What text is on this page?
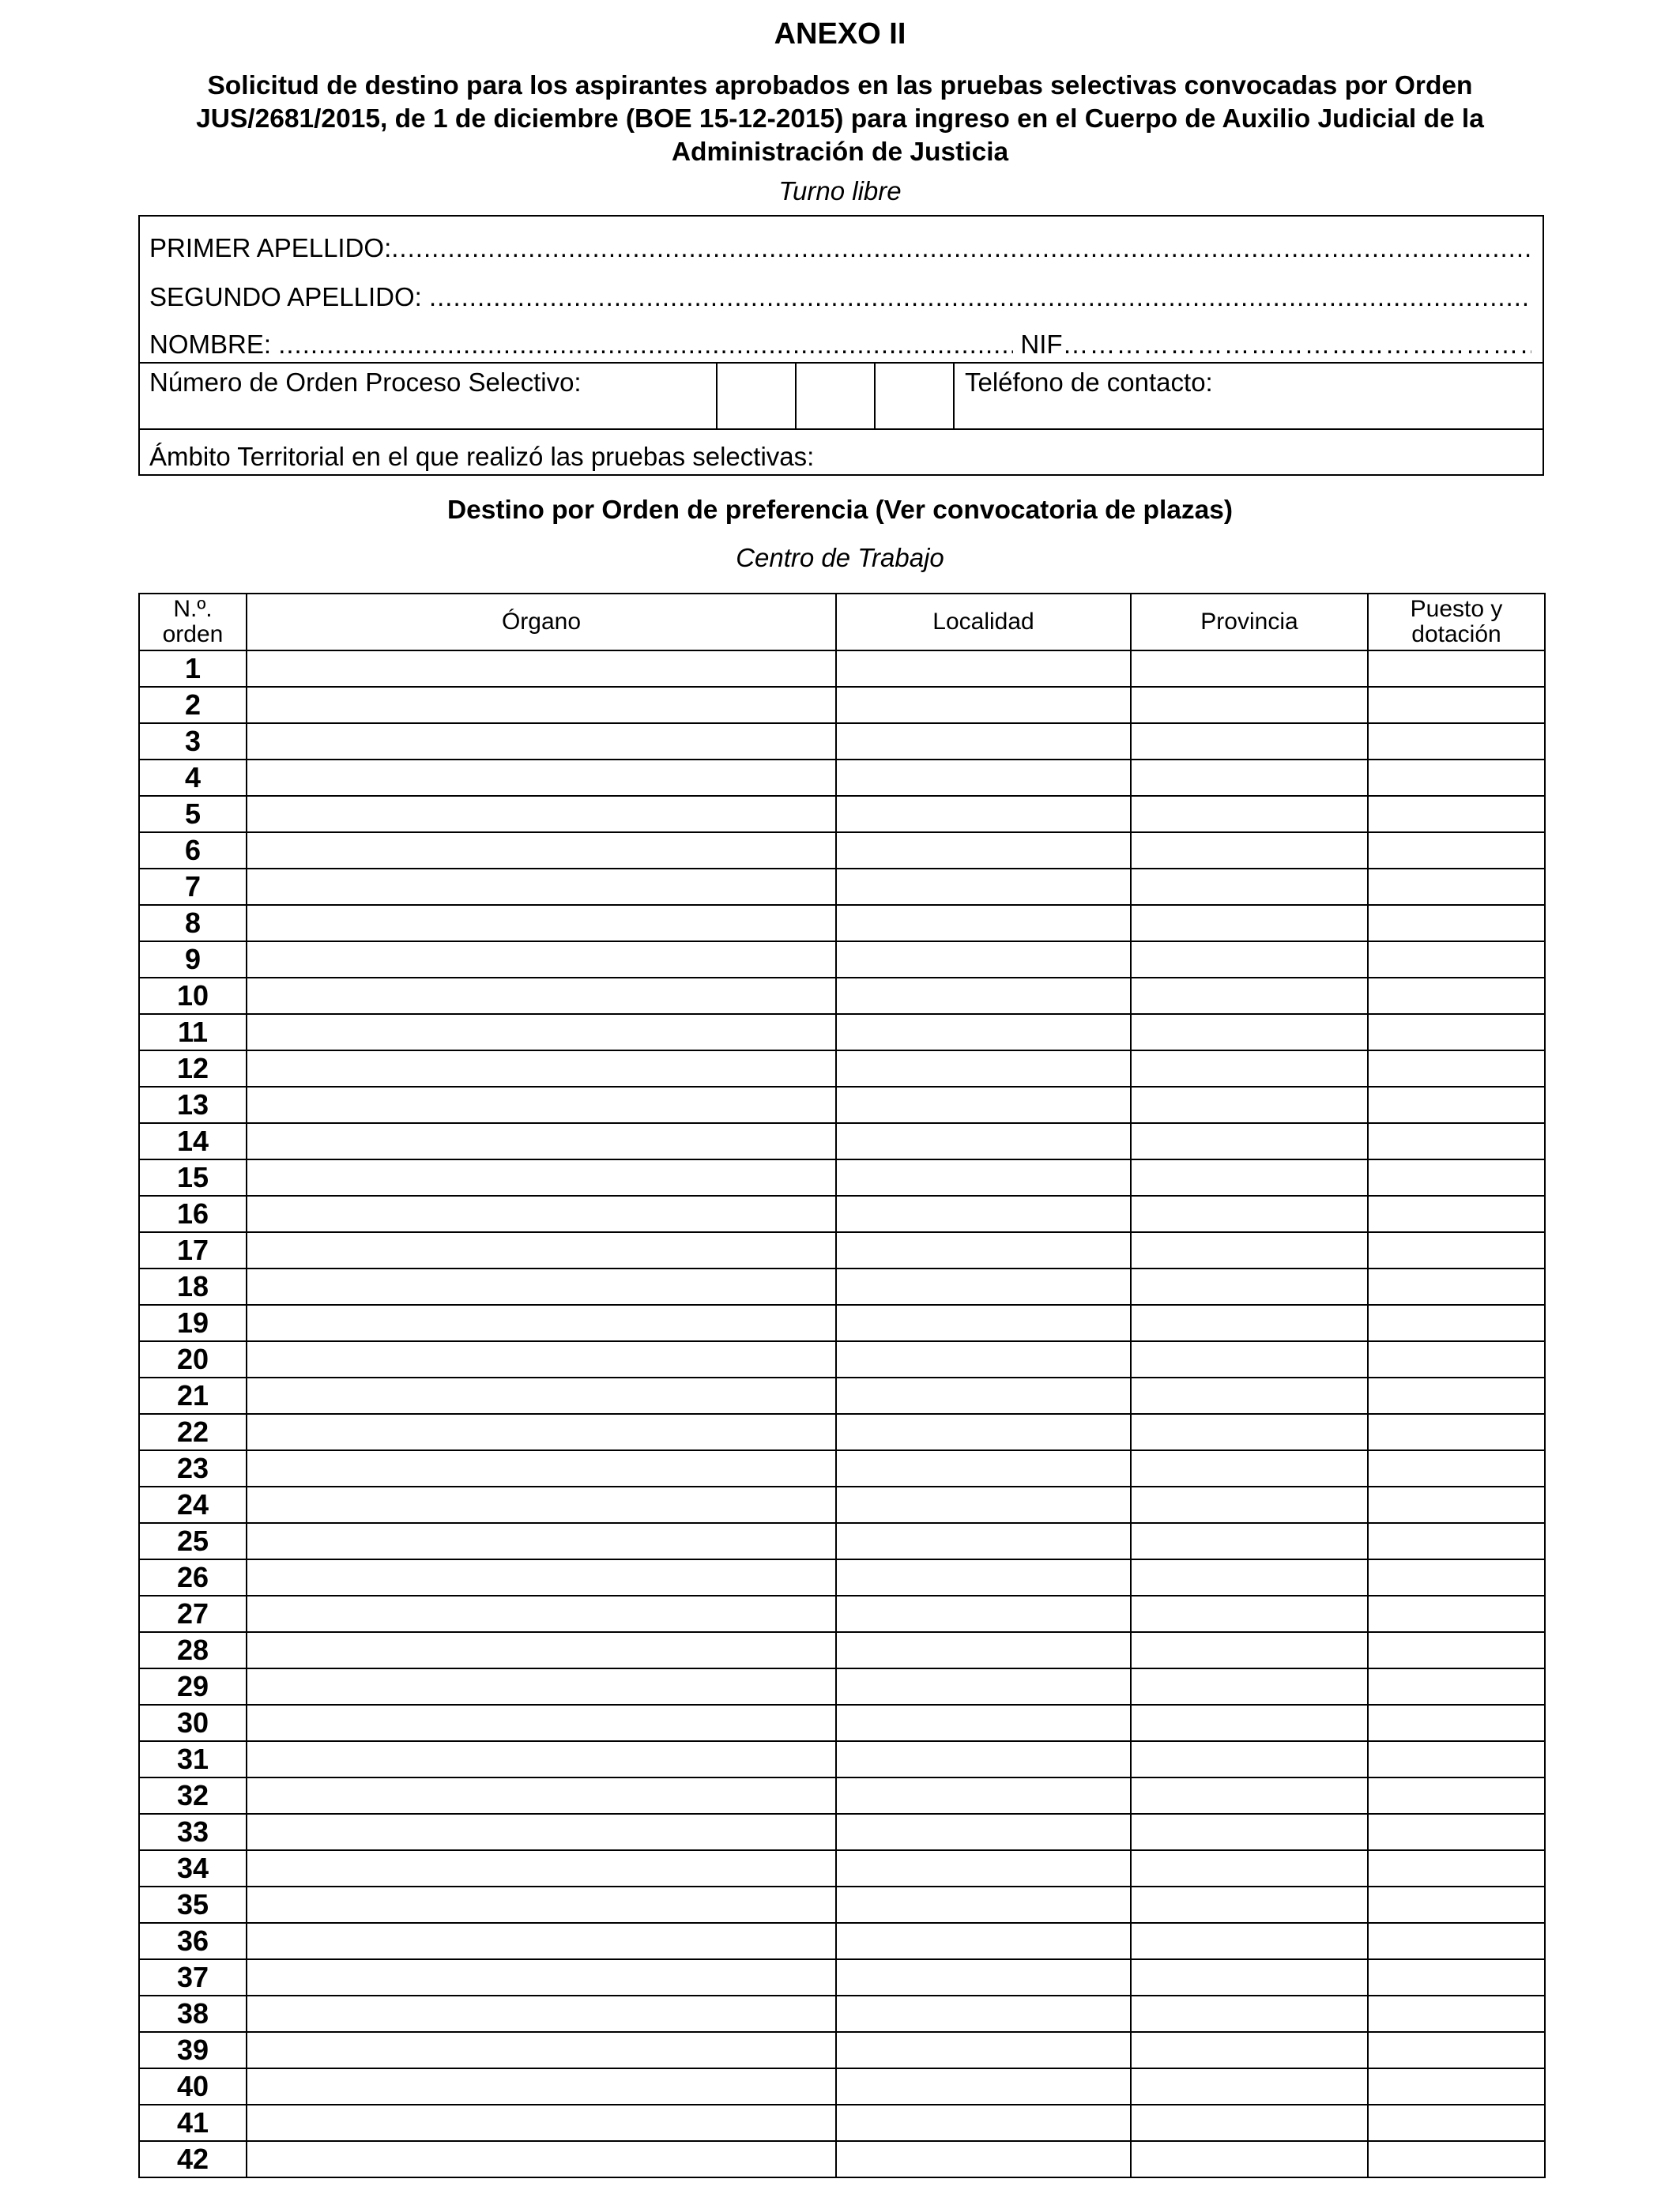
ANEXO II
Solicitud de destino para los aspirantes aprobados en las pruebas selectivas convocadas por Orden JUS/2681/2015, de 1 de diciembre (BOE 15-12-2015) para ingreso en el Cuerpo de Auxilio Judicial de la Administración de Justicia
Turno libre
PRIMER APELLIDO:
.....
SEGUNDO APELLIDO:
.....
NOMBRE: .....	NIF
…………………………………………………………………………………………………………………………
Número de Orden Proceso Selectivo:	Teléfono de contacto:
Ámbito Territorial en el que realizó las pruebas selectivas:
Destino por Orden de preferencia (Ver convocatoria de plazas)
Centro de Trabajo
N.º. orden	Órgano	Localidad	Provincia	Puesto y dotación
1				
2				
3				
4				
5				
6				
7				
8				
9				
10				
11				
12				
13				
14				
15				
16				
17				
18				
19				
20				
21				
22				
23				
24				
25				
26				
27				
28				
29				
30				
31				
32				
33				
34				
35				
36				
37				
38				
39				
40				
41				
42				
